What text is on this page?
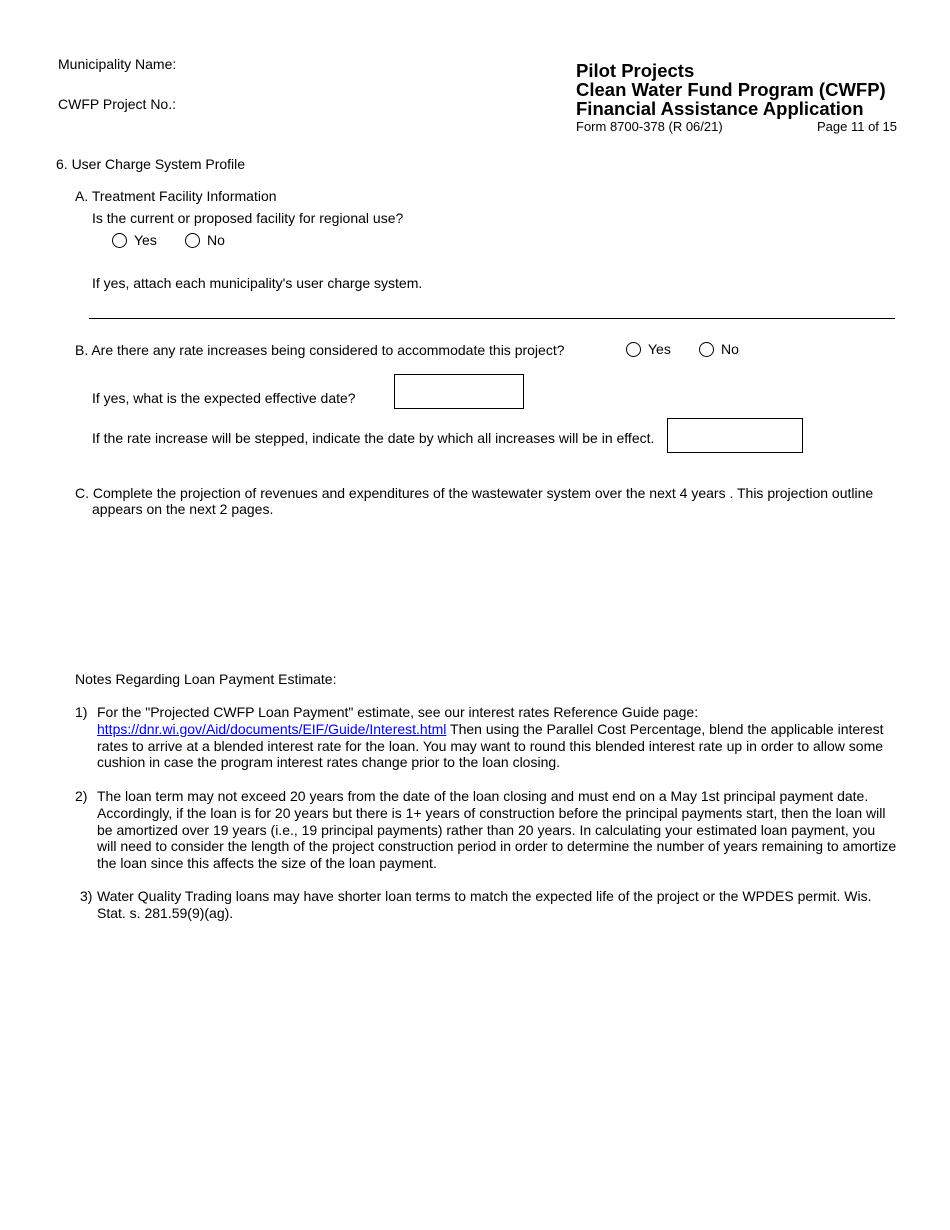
Municipality Name:
CWFP Project No.:
Pilot Projects
Clean Water Fund Program (CWFP)
Financial Assistance Application
Form 8700-378 (R 06/21)	Page 11 of 15
6. User Charge System Profile
A. Treatment Facility Information
Is the current or proposed facility for regional use?
Yes	No
If yes, attach each municipality's user charge system.
B. Are there any rate increases being considered to accommodate this project?	Yes	No
If yes, what is the expected effective date?
If the rate increase will be stepped, indicate the date by which all increases will be in effect.
C. Complete the projection of revenues and expenditures of the wastewater system over the next 4 years . This projection outline
appears on the next 2 pages.
Notes Regarding Loan Payment Estimate:
1) For the "Projected CWFP Loan Payment" estimate, see our interest rates Reference Guide page: https://dnr.wi.gov/Aid/documents/EIF/Guide/Interest.html Then using the Parallel Cost Percentage, blend the applicable interest rates to arrive at a blended interest rate for the loan. You may want to round this blended interest rate up in order to allow some cushion in case the program interest rates change prior to the loan closing.
2) The loan term may not exceed 20 years from the date of the loan closing and must end on a May 1st principal payment date. Accordingly, if the loan is for 20 years but there is 1+ years of construction before the principal payments start, then the loan will be amortized over 19 years (i.e., 19 principal payments) rather than 20 years. In calculating your estimated loan payment, you will need to consider the length of the project construction period in order to determine the number of years remaining to amortize the loan since this affects the size of the loan payment.
3) Water Quality Trading loans may have shorter loan terms to match the expected life of the project or the WPDES permit. Wis. Stat. s. 281.59(9)(ag).
